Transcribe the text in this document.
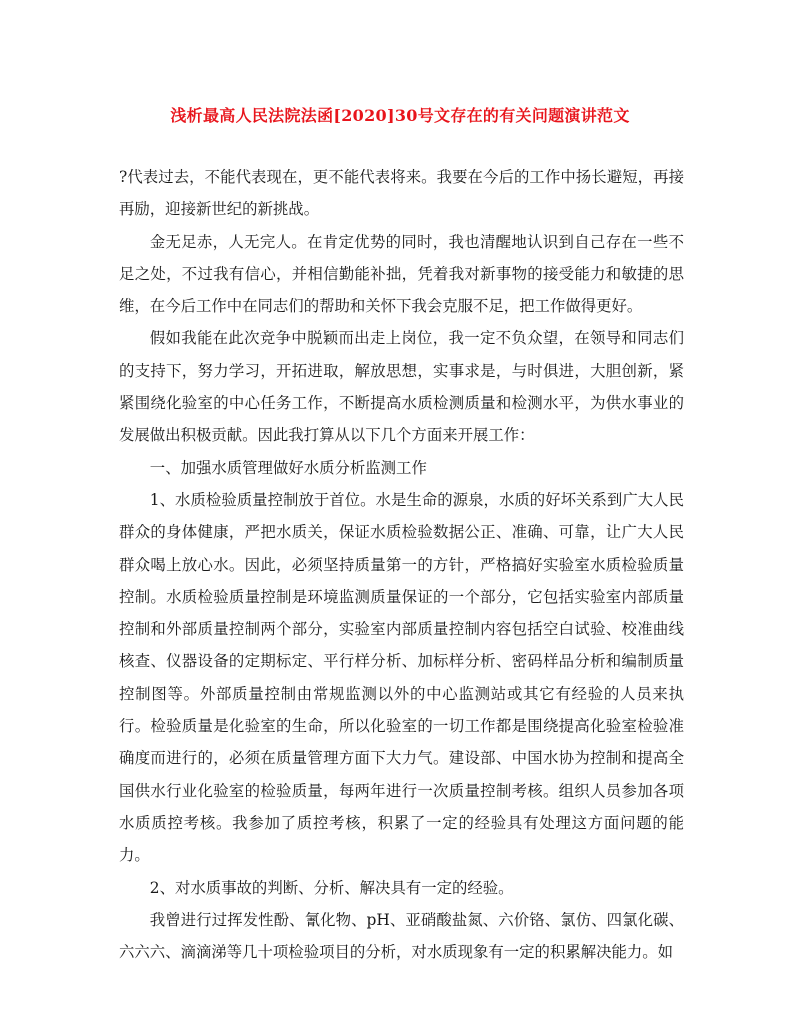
浅析最高人民法院法函[2020]30号文存在的有关问题演讲范文

?代表过去，不能代表现在，更不能代表将来。我要在今后的工作中扬长避短，再接再励，迎接新世纪的新挑战。

金无足赤，人无完人。在肯定优势的同时，我也清醒地认识到自己存在一些不足之处，不过我有信心，并相信勤能补拙，凭着我对新事物的接受能力和敏捷的思维，在今后工作中在同志们的帮助和关怀下我会克服不足，把工作做得更好。

假如我能在此次竞争中脱颖而出走上岗位，我一定不负众望，在领导和同志们的支持下，努力学习，开拓进取，解放思想，实事求是，与时俱进，大胆创新，紧紧围绕化验室的中心任务工作，不断提高水质检测质量和检测水平，为供水事业的发展做出积极贡献。因此我打算从以下几个方面来开展工作：

一、加强水质管理做好水质分析监测工作

1、水质检验质量控制放于首位。水是生命的源泉，水质的好坏关系到广大人民群众的身体健康，严把水质关，保证水质检验数据公正、准确、可靠，让广大人民群众喝上放心水。因此，必须坚持质量第一的方针，严格搞好实验室水质检验质量控制。水质检验质量控制是环境监测质量保证的一个部分，它包括实验室内部质量控制和外部质量控制两个部分，实验室内部质量控制内容包括空白试验、校准曲线核查、仪器设备的定期标定、平行样分析、加标样分析、密码样品分析和编制质量控制图等。外部质量控制由常规监测以外的中心监测站或其它有经验的人员来执行。检验质量是化验室的生命，所以化验室的一切工作都是围绕提高化验室检验准确度而进行的，必须在质量管理方面下大力气。建设部、中国水协为控制和提高全国供水行业化验室的检验质量，每两年进行一次质量控制考核。组织人员参加各项水质质控考核。我参加了质控考核，积累了一定的经验具有处理这方面问题的能力。

2、对水质事故的判断、分析、解决具有一定的经验。

我曾进行过挥发性酚、氰化物、pH、亚硝酸盐氮、六价铬、氯仿、四氯化碳、六六六、滴滴涕等几十项检验项目的分析，对水质现象有一定的积累解决能力。如
